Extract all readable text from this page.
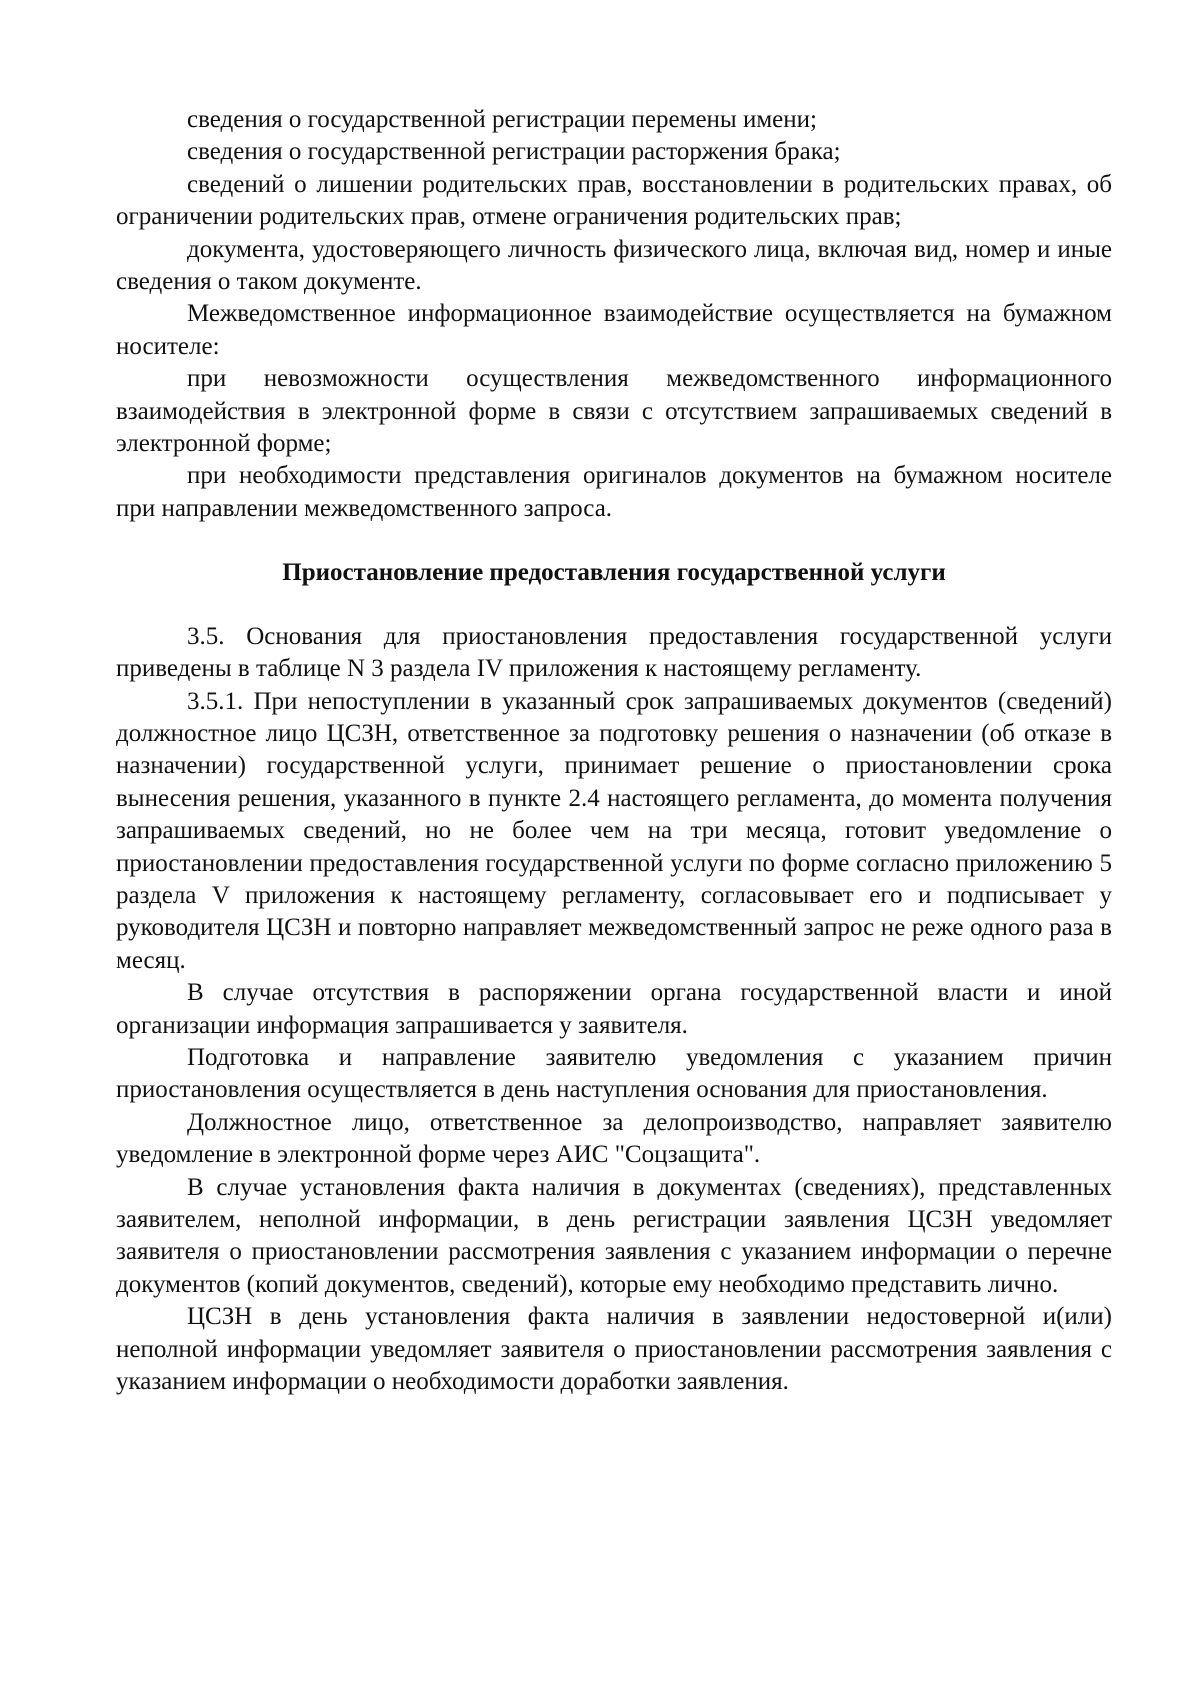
сведения о государственной регистрации перемены имени;

сведения о государственной регистрации расторжения брака;

сведений о лишении родительских прав, восстановлении в родительских правах, об ограничении родительских прав, отмене ограничения родительских прав;

документа, удостоверяющего личность физического лица, включая вид, номер и иные сведения о таком документе.

Межведомственное информационное взаимодействие осуществляется на бумажном носителе:

при невозможности осуществления межведомственного информационного взаимодействия в электронной форме в связи с отсутствием запрашиваемых сведений в электронной форме;

при необходимости представления оригиналов документов на бумажном носителе при направлении межведомственного запроса.

Приостановление предоставления государственной услуги

3.5. Основания для приостановления предоставления государственной услуги приведены в таблице N 3 раздела IV приложения к настоящему регламенту.

3.5.1. При непоступлении в указанный срок запрашиваемых документов (сведений) должностное лицо ЦСЗН, ответственное за подготовку решения о назначении (об отказе в назначении) государственной услуги, принимает решение о приостановлении срока вынесения решения, указанного в пункте 2.4 настоящего регламента, до момента получения запрашиваемых сведений, но не более чем на три месяца, готовит уведомление о приостановлении предоставления государственной услуги по форме согласно приложению 5 раздела V приложения к настоящему регламенту, согласовывает его и подписывает у руководителя ЦСЗН и повторно направляет межведомственный запрос не реже одного раза в месяц.

В случае отсутствия в распоряжении органа государственной власти и иной организации информация запрашивается у заявителя.

Подготовка и направление заявителю уведомления с указанием причин приостановления осуществляется в день наступления основания для приостановления.

Должностное лицо, ответственное за делопроизводство, направляет заявителю уведомление в электронной форме через АИС "Соцзащита".

В случае установления факта наличия в документах (сведениях), представленных заявителем, неполной информации, в день регистрации заявления ЦСЗН уведомляет заявителя о приостановлении рассмотрения заявления с указанием информации о перечне документов (копий документов, сведений), которые ему необходимо представить лично.

ЦСЗН в день установления факта наличия в заявлении недостоверной и(или) неполной информации уведомляет заявителя о приостановлении рассмотрения заявления с указанием информации о необходимости доработки заявления.
